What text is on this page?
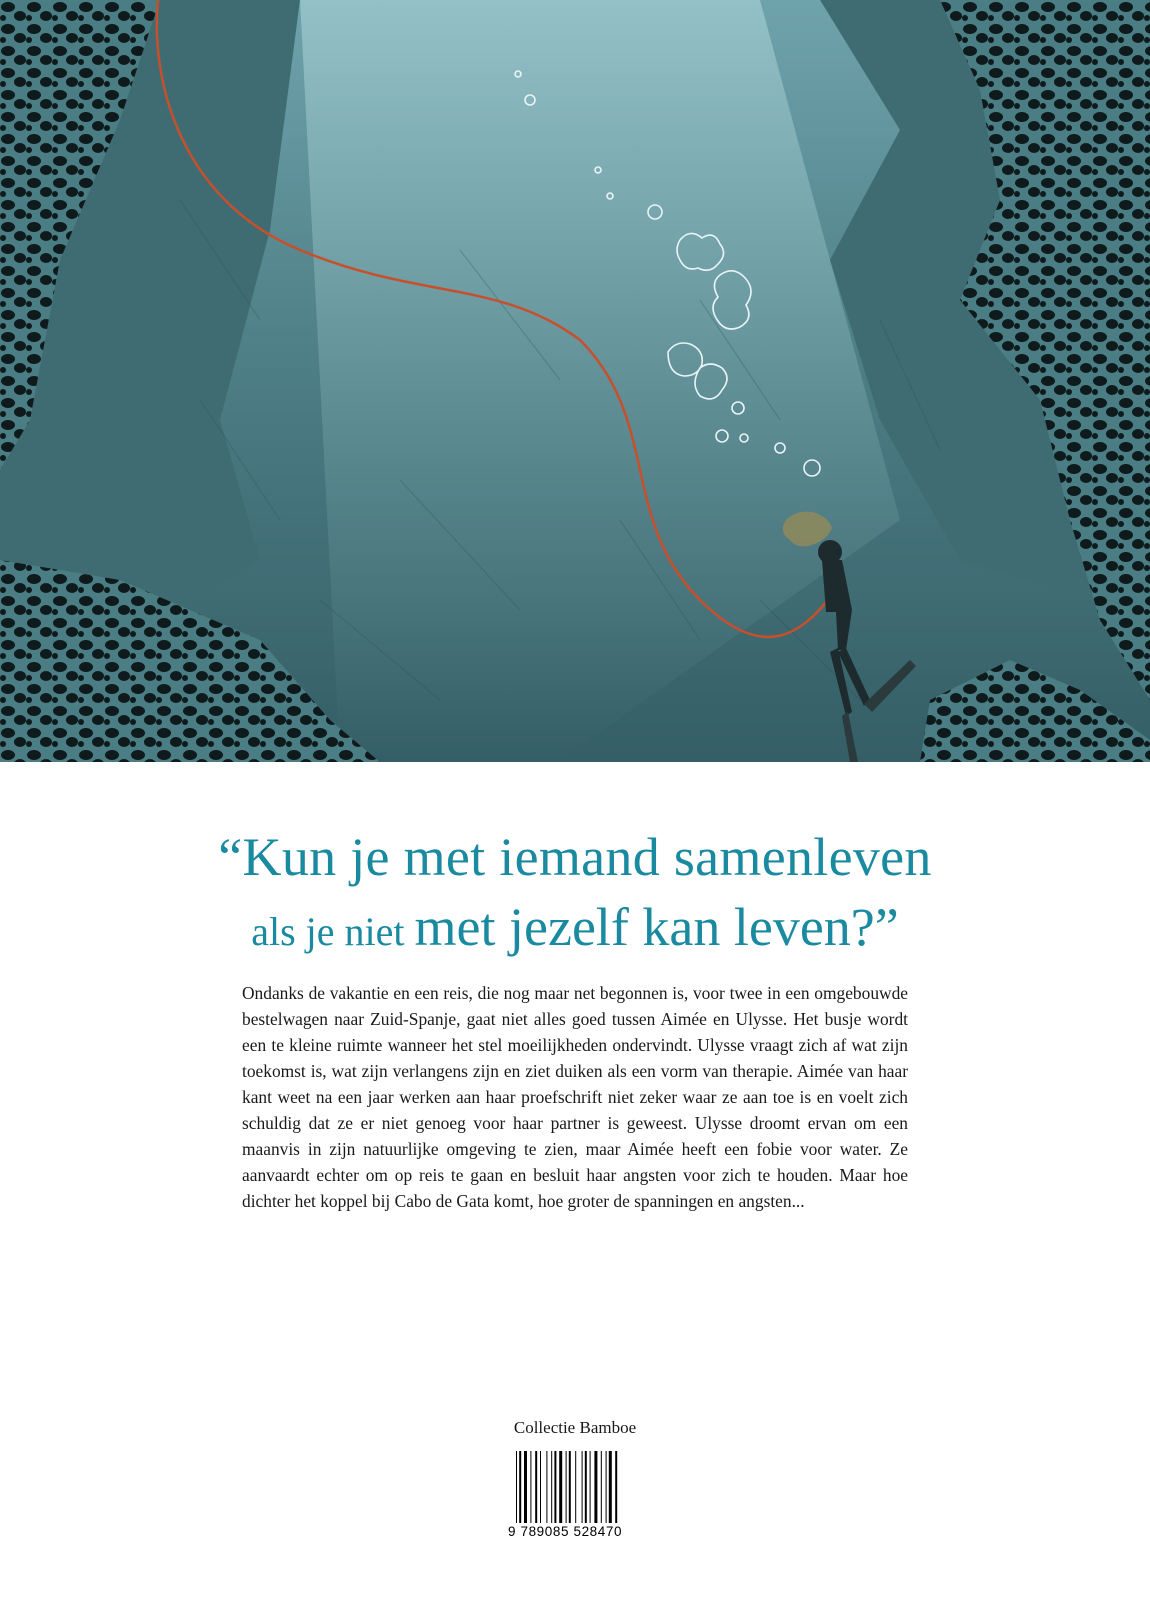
“Kun je met iemand samenleven
als je niet met jezelf kan leven?”
Ondanks de vakantie en een reis, die nog maar net begonnen is, voor twee in een omgebouwde bestelwagen naar Zuid-Spanje, gaat niet alles goed tussen Aimée en Ulysse. Het busje wordt een te kleine ruimte wanneer het stel moeilijkheden ondervindt. Ulysse vraagt zich af wat zijn toekomst is, wat zijn verlangens zijn en ziet duiken als een vorm van therapie. Aimée van haar kant weet na een jaar werken aan haar proefschrift niet zeker waar ze aan toe is en voelt zich schuldig dat ze er niet genoeg voor haar partner is geweest. Ulysse droomt ervan om een maanvis in zijn natuurlijke omgeving te zien, maar Aimée heeft een fobie voor water. Ze aanvaardt echter om op reis te gaan en besluit haar angsten voor zich te houden. Maar hoe dichter het koppel bij Cabo de Gata komt, hoe groter de spanningen en angsten...
Collectie Bamboe
9 789085 528470
